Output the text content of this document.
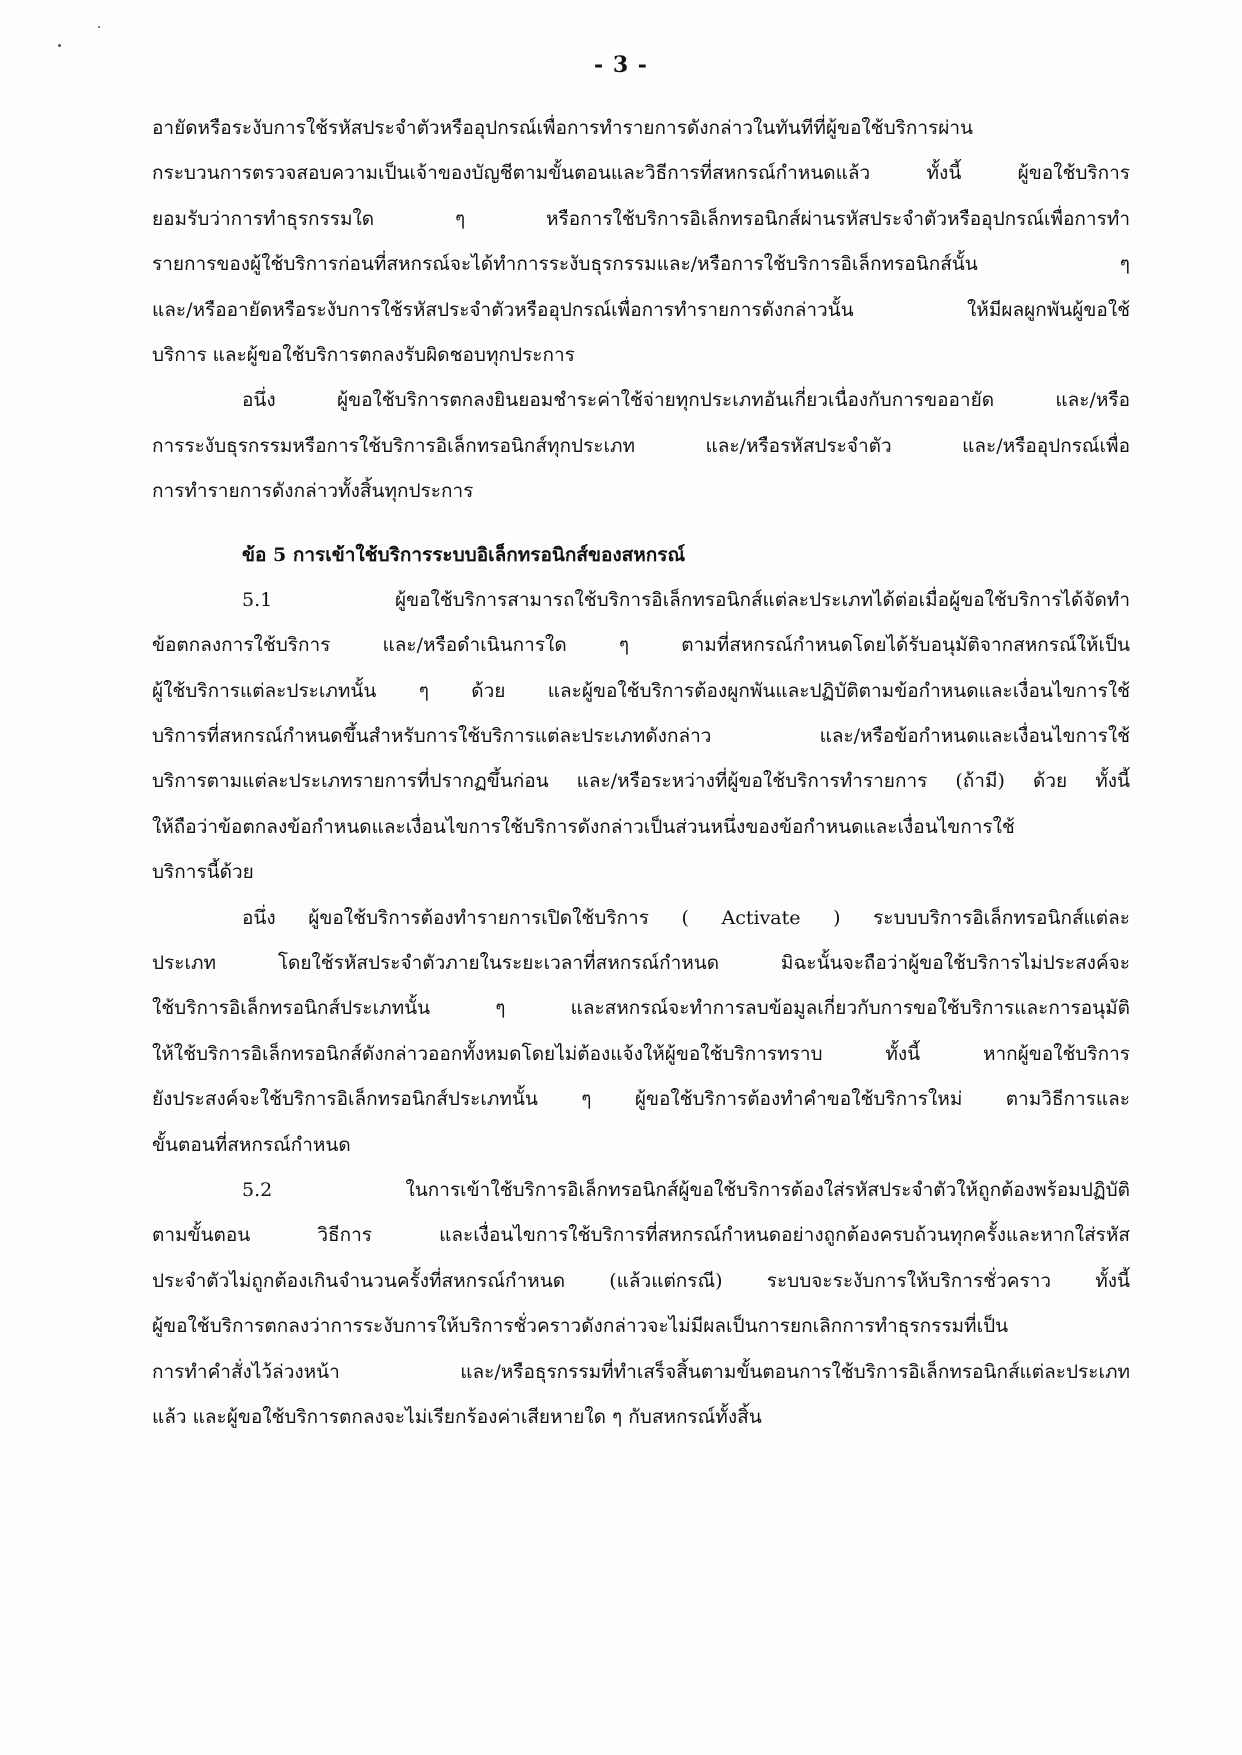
- 3 -
อายัดหรือระงับการใช้รหัสประจำตัวหรืออุปกรณ์เพื่อการทำรายการดังกล่าวในทันทีที่ผู้ขอใช้บริการผ่าน
กระบวนการตรวจสอบความเป็นเจ้าของบัญชีตามขั้นตอนและวิธีการที่สหกรณ์กำหนดแล้ว ทั้งนี้ ผู้ขอใช้บริการ
ยอมรับว่าการทำธุรกรรมใด ๆ หรือการใช้บริการอิเล็กทรอนิกส์ผ่านรหัสประจำตัวหรืออุปกรณ์เพื่อการทำ
รายการของผู้ใช้บริการก่อนที่สหกรณ์จะได้ทำการระงับธุรกรรมและ/หรือการใช้บริการอิเล็กทรอนิกส์นั้น ๆ
และ/หรืออายัดหรือระงับการใช้รหัสประจำตัวหรืออุปกรณ์เพื่อการทำรายการดังกล่าวนั้น ให้มีผลผูกพันผู้ขอใช้
บริการ และผู้ขอใช้บริการตกลงรับผิดชอบทุกประการ
อนึ่ง ผู้ขอใช้บริการตกลงยินยอมชำระค่าใช้จ่ายทุกประเภทอันเกี่ยวเนื่องกับการขออายัด และ/หรือ
การระงับธุรกรรมหรือการใช้บริการอิเล็กทรอนิกส์ทุกประเภท และ/หรือรหัสประจำตัว และ/หรืออุปกรณ์เพื่อ
การทำรายการดังกล่าวทั้งสิ้นทุกประการ
ข้อ 5 การเข้าใช้บริการระบบอิเล็กทรอนิกส์ของสหกรณ์
5.1 ผู้ขอใช้บริการสามารถใช้บริการอิเล็กทรอนิกส์แต่ละประเภทได้ต่อเมื่อผู้ขอใช้บริการได้จัดทำ
ข้อตกลงการใช้บริการ และ/หรือดำเนินการใด ๆ ตามที่สหกรณ์กำหนดโดยได้รับอนุมัติจากสหกรณ์ให้เป็น
ผู้ใช้บริการแต่ละประเภทนั้น ๆ ด้วย และผู้ขอใช้บริการต้องผูกพันและปฏิบัติตามข้อกำหนดและเงื่อนไขการใช้
บริการที่สหกรณ์กำหนดขึ้นสำหรับการใช้บริการแต่ละประเภทดังกล่าว และ/หรือข้อกำหนดและเงื่อนไขการใช้
บริการตามแต่ละประเภทรายการที่ปรากฏขึ้นก่อน และ/หรือระหว่างที่ผู้ขอใช้บริการทำรายการ (ถ้ามี) ด้วย ทั้งนี้
ให้ถือว่าข้อตกลงข้อกำหนดและเงื่อนไขการใช้บริการดังกล่าวเป็นส่วนหนึ่งของข้อกำหนดและเงื่อนไขการใช้
บริการนี้ด้วย
อนึ่ง ผู้ขอใช้บริการต้องทำรายการเปิดใช้บริการ ( Activate ) ระบบบริการอิเล็กทรอนิกส์แต่ละ
ประเภท โดยใช้รหัสประจำตัวภายในระยะเวลาที่สหกรณ์กำหนด มิฉะนั้นจะถือว่าผู้ขอใช้บริการไม่ประสงค์จะ
ใช้บริการอิเล็กทรอนิกส์ประเภทนั้น ๆ และสหกรณ์จะทำการลบข้อมูลเกี่ยวกับการขอใช้บริการและการอนุมัติ
ให้ใช้บริการอิเล็กทรอนิกส์ดังกล่าวออกทั้งหมดโดยไม่ต้องแจ้งให้ผู้ขอใช้บริการทราบ ทั้งนี้ หากผู้ขอใช้บริการ
ยังประสงค์จะใช้บริการอิเล็กทรอนิกส์ประเภทนั้น ๆ ผู้ขอใช้บริการต้องทำคำขอใช้บริการใหม่ ตามวิธีการและ
ขั้นตอนที่สหกรณ์กำหนด
5.2 ในการเข้าใช้บริการอิเล็กทรอนิกส์ผู้ขอใช้บริการต้องใส่รหัสประจำตัวให้ถูกต้องพร้อมปฏิบัติ
ตามขั้นตอน วิธีการ และเงื่อนไขการใช้บริการที่สหกรณ์กำหนดอย่างถูกต้องครบถ้วนทุกครั้งและหากใส่รหัส
ประจำตัวไม่ถูกต้องเกินจำนวนครั้งที่สหกรณ์กำหนด (แล้วแต่กรณี) ระบบจะระงับการให้บริการชั่วคราว ทั้งนี้
ผู้ขอใช้บริการตกลงว่าการระงับการให้บริการชั่วคราวดังกล่าวจะไม่มีผลเป็นการยกเลิกการทำธุรกรรมที่เป็น
การทำคำสั่งไว้ล่วงหน้า และ/หรือธุรกรรมที่ทำเสร็จสิ้นตามขั้นตอนการใช้บริการอิเล็กทรอนิกส์แต่ละประเภท
แล้ว และผู้ขอใช้บริการตกลงจะไม่เรียกร้องค่าเสียหายใด ๆ กับสหกรณ์ทั้งสิ้น
